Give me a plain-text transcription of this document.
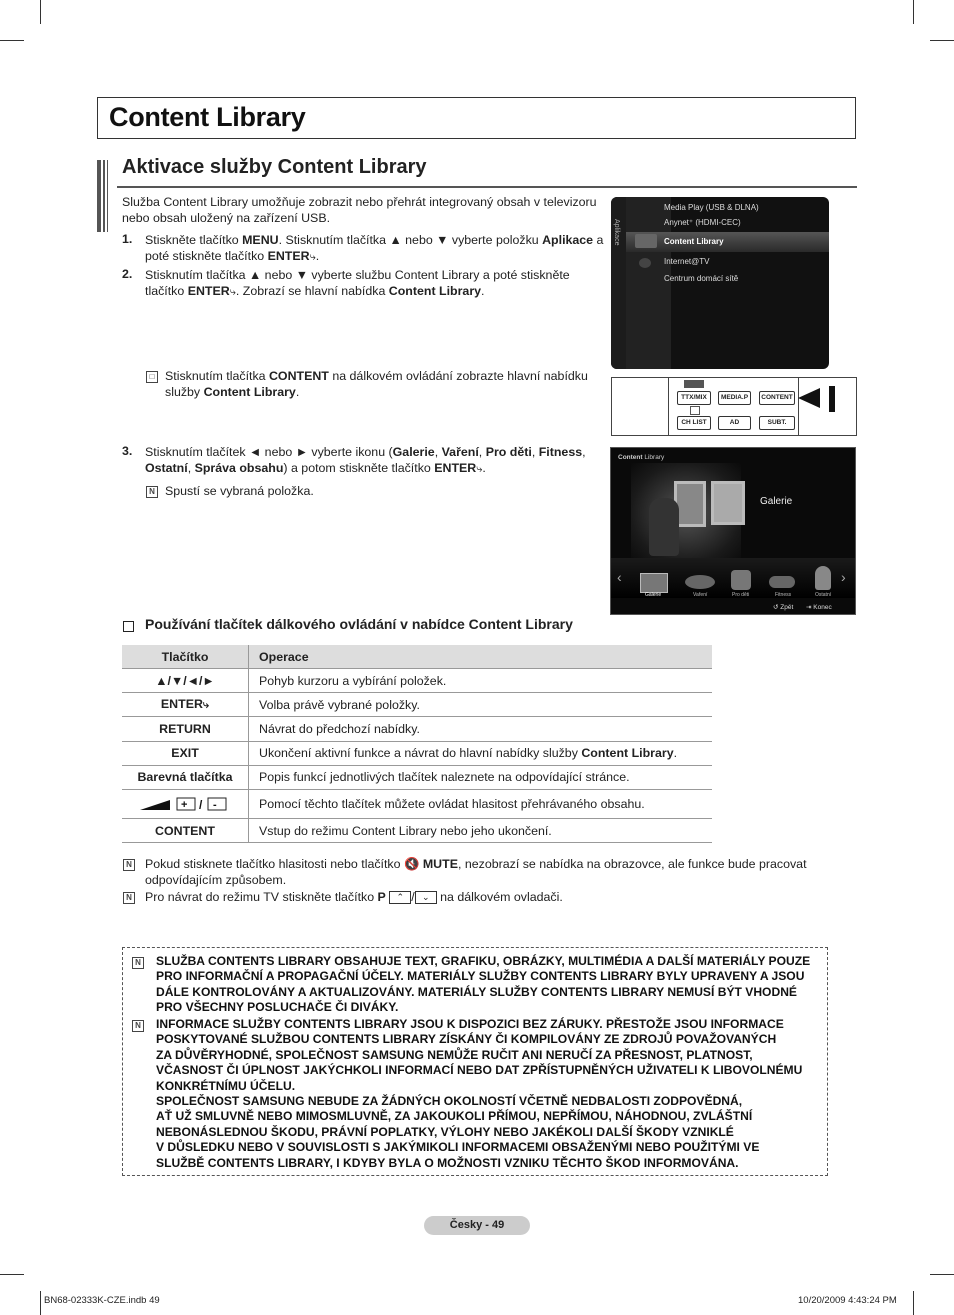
Content Library
Aktivace služby Content Library
Služba Content Library umožňuje zobrazit nebo přehrát integrovaný obsah v televizoru nebo obsah uložený na zařízení USB.
1. Stiskněte tlačítko MENU. Stisknutím tlačítka ▲ nebo ▼ vyberte položku Aplikace a
poté stiskněte tlačítko ENTER⤷.
2. Stisknutím tlačítka ▲ nebo ▼ vyberte službu Content Library a poté stiskněte
tlačítko ENTER⤷. Zobrazí se hlavní nabídka Content Library.
□ Stisknutím tlačítka CONTENT na dálkovém ovládání zobrazte hlavní nabídku
služby Content Library.
3. Stisknutím tlačítek ◄ nebo ► vyberte ikonu (Galerie, Vaření, Pro děti, Fitness,
Ostatní, Správa obsahu) a potom stiskněte tlačítko ENTER⤷.
N Spustí se vybraná položka.
Aplikace
Media Play (USB & DLNA)
Anynet⁺ (HDMI-CEC)
Content Library
Internet@TV
Centrum domácí sítě
TTX/MIX	MEDIA.P	CONTENT
CH LIST	AD	SUBT.
Content Library
Galerie
‹	›
Galerie	Vaření	Pro děti	Fitness	Ostatní
↺ Zpět ⇥ Konec
Používání tlačítek dálkového ovládání v nabídce Content Library
Tlačítko	Operace
▲/▼/◄/►	Pohyb kurzoru a vybírání položek.
ENTER⤷	Volba právě vybrané položky.
RETURN	Návrat do předchozí nabídky.
EXIT	Ukončení aktivní funkce a návrat do hlavní nabídky služby Content Library.
Barevná tlačítka	Popis funkcí jednotlivých tlačítek naleznete na odpovídající stránce.

+ / -	Pomocí těchto tlačítek můžete ovládat hlasitost přehrávaného obsahu.
CONTENT	Vstup do režimu Content Library nebo jeho ukončení.
N Pokud stisknete tlačítko hlasitosti nebo tlačítko 🔇 MUTE, nezobrazí se nabídka na obrazovce, ale funkce bude pracovat
odpovídajícím způsobem.
N Pro návrat do režimu TV stiskněte tlačítko P ⌃ / ⌄ na dálkovém ovladači.
N SLUŽBA CONTENTS LIBRARY OBSAHUJE TEXT, GRAFIKU, OBRÁZKY, MULTIMÉDIA A DALŠÍ MATERIÁLY POUZE
PRO INFORMAČNÍ A PROPAGAČNÍ ÚČELY. MATERIÁLY SLUŽBY CONTENTS LIBRARY BYLY UPRAVENY A JSOU
DÁLE KONTROLOVÁNY A AKTUALIZOVÁNY. MATERIÁLY SLUŽBY CONTENTS LIBRARY NEMUSÍ BÝT VHODNÉ
PRO VŠECHNY POSLUCHAČE ČI DIVÁKY.
N INFORMACE SLUŽBY CONTENTS LIBRARY JSOU K DISPOZICI BEZ ZÁRUKY. PŘESTOŽE JSOU INFORMACE
POSKYTOVANÉ SLUŽBOU CONTENTS LIBRARY ZÍSKÁNY ČI KOMPILOVÁNY ZE ZDROJŮ POVAŽOVANÝCH
ZA DŮVĚRYHODNÉ, SPOLEČNOST SAMSUNG NEMŮŽE RUČIT ANI NERUČÍ ZA PŘESNOST, PLATNOST,
VČASNOST ČI ÚPLNOST JAKÝCHKOLI INFORMACÍ NEBO DAT ZPŘÍSTUPNĚNÝCH UŽIVATELI K LIBOVOLNÉMU
KONKRÉTNÍMU ÚČELU.
SPOLEČNOST SAMSUNG NEBUDE ZA ŽÁDNÝCH OKOLNOSTÍ VČETNĚ NEDBALOSTI ZODPOVĚDNÁ,
AŤ UŽ SMLUVNĚ NEBO MIMOSMLUVNĚ, ZA JAKOUKOLI PŘÍMOU, NEPŘÍMOU, NÁHODNOU, ZVLÁŠTNÍ
NEBONÁSLEDNOU ŠKODU, PRÁVNÍ POPLATKY, VÝLOHY NEBO JAKÉKOLI DALŠÍ ŠKODY VZNIKLÉ
V DŮSLEDKU NEBO V SOUVISLOSTI S JAKÝMIKOLI INFORMACEMI OBSAŽENÝMI NEBO POUŽITÝMI VE
SLUŽBĚ CONTENTS LIBRARY, I KDYBY BYLA O MOŽNOSTI VZNIKU TĚCHTO ŠKOD INFORMOVÁNA.
Česky - 49
BN68-02333K-CZE.indb 49	10/20/2009 4:43:24 PM
